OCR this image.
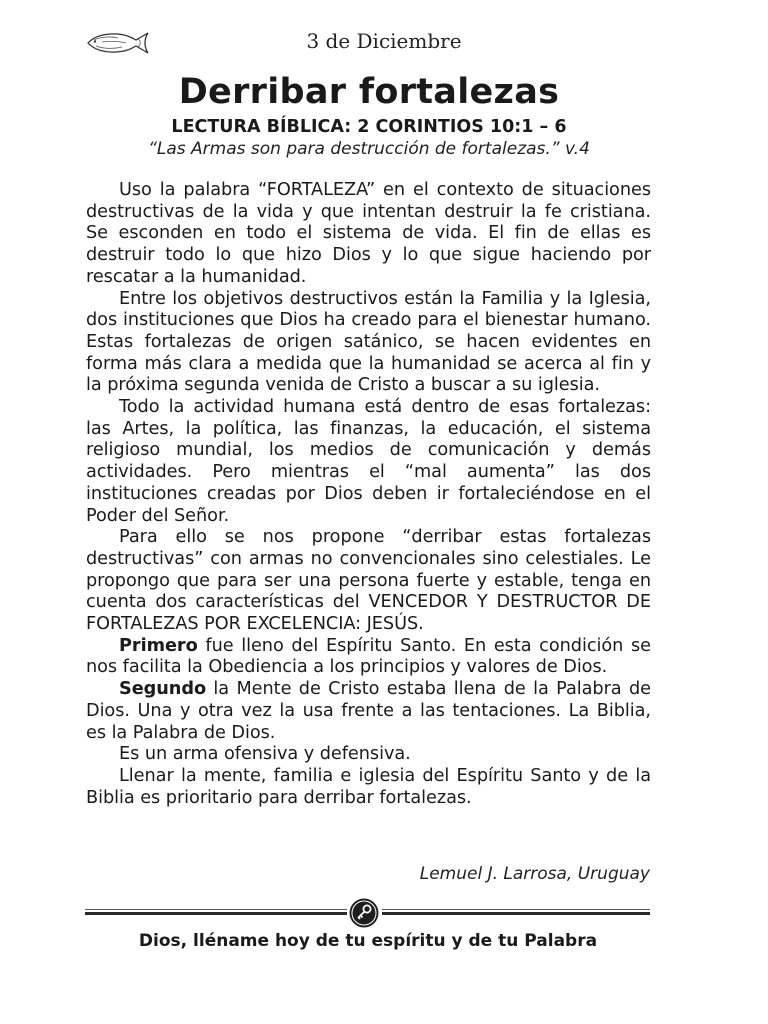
3 de Diciembre
Derribar fortalezas
LECTURA BÍBLICA: 2 CORINTIOS 10:1 – 6
“Las Armas son para destrucción de fortalezas.” v.4

Uso la palabra “FORTALEZA” en el contexto de situaciones destructivas de la vida y que intentan destruir la fe cristiana. Se esconden en todo el sistema de vida. El fin de ellas es destruir todo lo que hizo Dios y lo que sigue haciendo por rescatar a la humanidad.

Entre los objetivos destructivos están la Familia y la Iglesia, dos instituciones que Dios ha creado para el bienestar humano. Estas fortalezas de origen satánico, se hacen evidentes en forma más clara a medida que la humanidad se acerca al fin y la próxima segunda venida de Cristo a buscar a su iglesia.

Todo la actividad humana está dentro de esas fortalezas: las Artes, la política, las finanzas, la educación, el sistema religioso mundial, los medios de comunicación y demás actividades. Pero mientras el “mal aumenta” las dos instituciones creadas por Dios deben ir fortaleciéndose en el Poder del Señor.

Para ello se nos propone “derribar estas fortalezas destructivas” con armas no convencionales sino celestiales. Le propongo que para ser una persona fuerte y estable, tenga en cuenta dos características del VENCEDOR Y DESTRUCTOR DE FORTALEZAS POR EXCELENCIA: JESÚS.

Primero fue lleno del Espíritu Santo. En esta condición se nos facilita la Obediencia a los principios y valores de Dios.

Segundo la Mente de Cristo estaba llena de la Palabra de Dios. Una y otra vez la usa frente a las tentaciones. La Biblia, es la Palabra de Dios.

Es un arma ofensiva y defensiva.

Llenar la mente, familia e iglesia del Espíritu Santo y de la Biblia es prioritario para derribar fortalezas.

Lemuel J. Larrosa, Uruguay
Dios, lléname hoy de tu espíritu y de tu Palabra
